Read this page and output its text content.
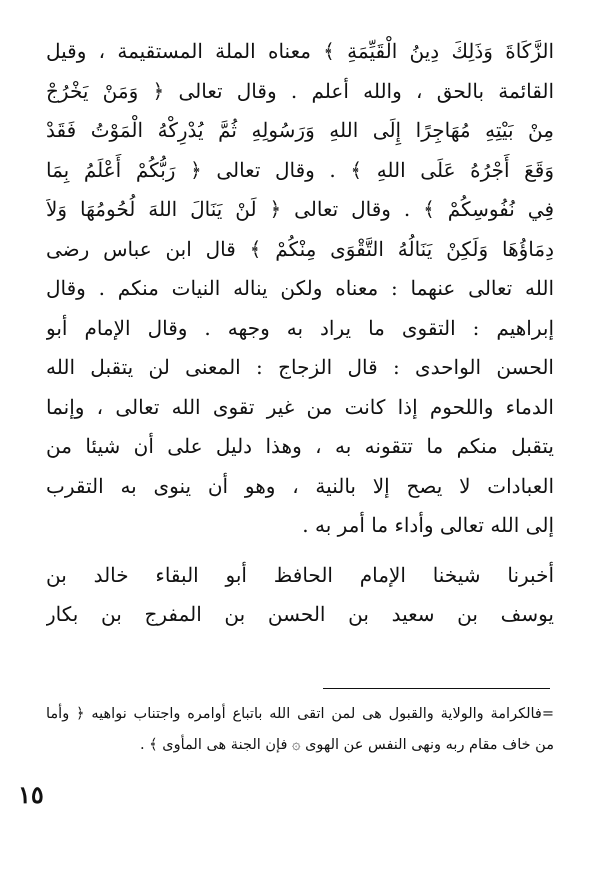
الزَّكَاةَ وَذَلِكَ دِينُ الْقَيِّمَةِ ﴾ معناه الملة المستقيمة ، وقيل
القائمة بالحق ، والله أعلم . وقال تعالى ﴿ وَمَنْ يَخْرُجْ
مِنْ بَيْتِهِ مُهَاجِرًا إِلَى اللهِ وَرَسُولِهِ ثُمَّ يُدْرِكْهُ الْمَوْتُ فَقَدْ
وَقَعَ أَجْرُهُ عَلَى اللهِ ﴾ . وقال تعالى ﴿ رَبُّكُمْ أَعْلَمُ بِمَا
فِي نُفُوسِكُمْ ﴾ . وقال تعالى ﴿ لَنْ يَنَالَ اللهَ لُحُومُهَا وَلاَ
دِمَاؤُهَا وَلَكِنْ يَنَالُهُ التَّقْوَى مِنْكُمْ ﴾ قال ابن عباس رضى
الله تعالى عنهما : معناه ولكن يناله النيات منكم . وقال
إبراهيم : التقوى ما يراد به وجهه . وقال الإمام أبو
الحسن الواحدى : قال الزجاج : المعنى لن يتقبل الله
الدماء واللحوم إذا كانت من غير تقوى الله تعالى ، وإنما
يتقبل منكم ما تتقونه به ، وهذا دليل على أن شيئا من
العبادات لا يصح إلا بالنية ، وهو أن ينوى به التقرب
إلى الله تعالى وأداء ما أمر به .
أخبرنا شيخنا الإمام الحافظ أبو البقاء خالد بن
يوسف بن سعيد بن الحسن بن المفرج بن بكار
=فالكرامة والولاية والقبول هى لمن اتقى الله باتباع أوامره واجتناب نواهيه ﴿ وأما
من خاف مقام ربه ونهى النفس عن الهوى ۞ فإن الجنة هى المأوى ﴾ .
١٥
